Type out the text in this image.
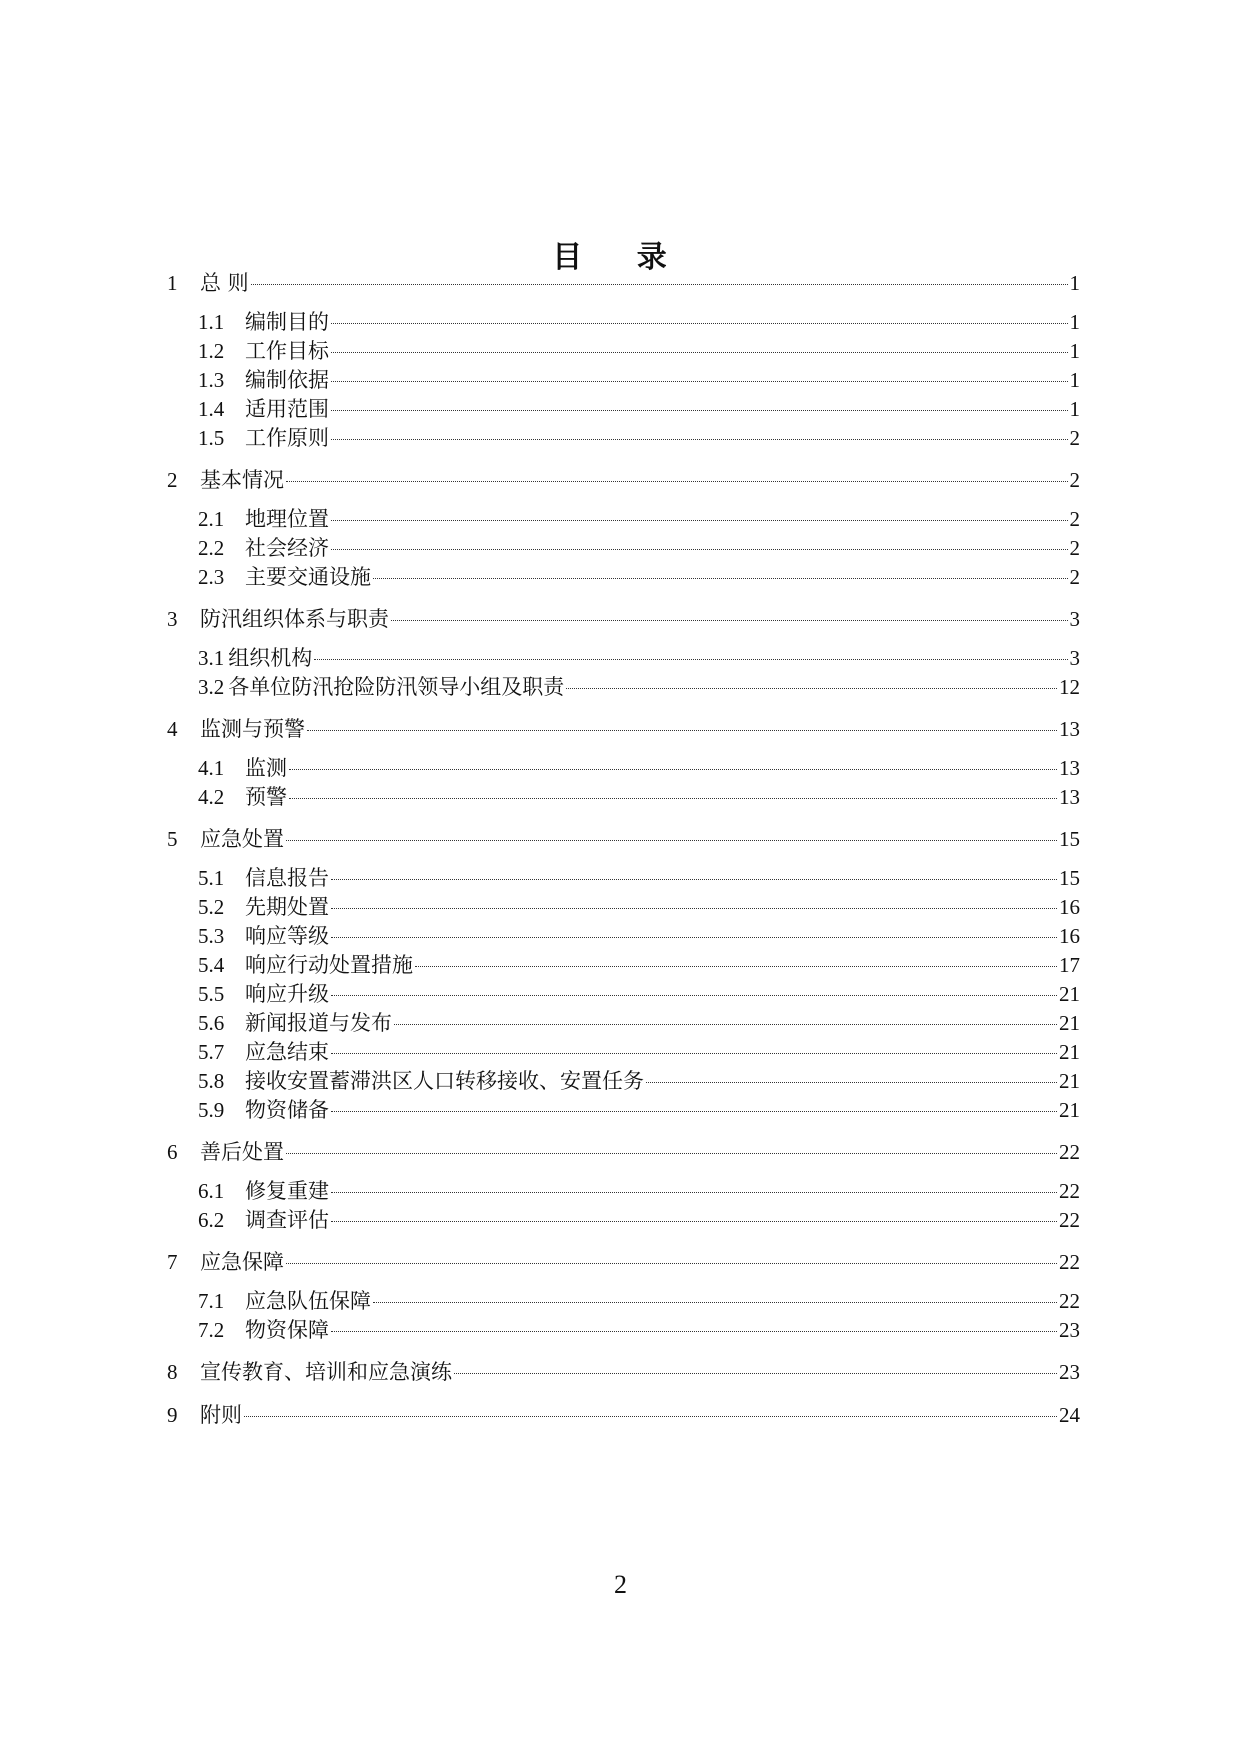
目 录
1	总 则	1
1.1 编制目的	1
1.2 工作目标	1
1.3 编制依据	1
1.4 适用范围	1
1.5 工作原则	2
2	基本情况	2
2.1 地理位置	2
2.2 社会经济	2
2.3 主要交通设施	2
3	防汛组织体系与职责	3
3.1 组织机构	3
3.2 各单位防汛抢险防汛领导小组及职责	12
4	监测与预警	13
4.1 监测	13
4.2 预警	13
5	应急处置	15
5.1 信息报告	15
5.2 先期处置	16
5.3 响应等级	16
5.4 响应行动处置措施	17
5.5 响应升级	21
5.6 新闻报道与发布	21
5.7 应急结束	21
5.8 接收安置蓄滞洪区人口转移接收、安置任务	21
5.9 物资储备	21
6	善后处置	22
6.1 修复重建	22
6.2 调查评估	22
7	应急保障	22
7.1 应急队伍保障	22
7.2 物资保障	23
8	宣传教育、培训和应急演练	23
9	附则	24
2
